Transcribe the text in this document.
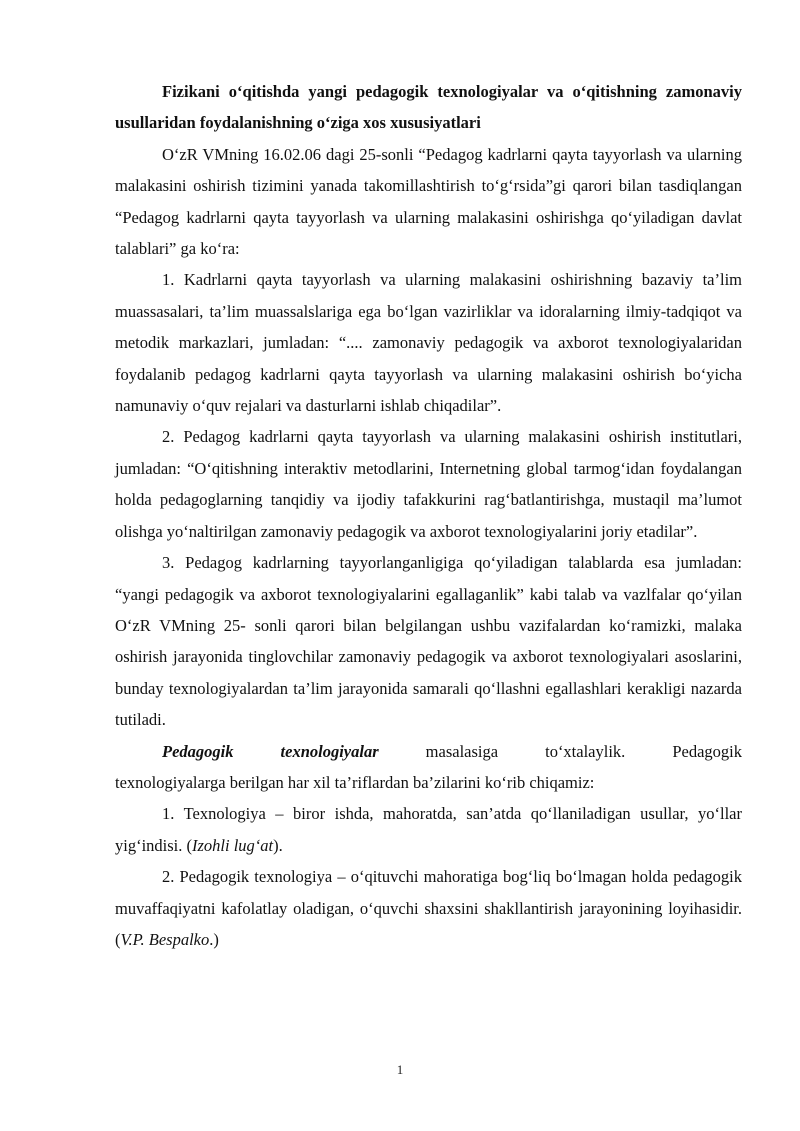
Fizikani o‘qitishda yangi pedagogik texnologiyalar va o‘qitishning zamonaviy usullaridan foydalanishning o‘ziga xos xususiyatlari

O‘zR VMning 16.02.06 dagi 25-sonli “Pedagog kadrlarni qayta tayyorlash va ularning malakasini oshirish tizimini yanada takomillashtirish to‘g‘rsida”gi qarori bilan tasdiqlangan “Pedagog kadrlarni qayta tayyorlash va ularning malakasini oshirishga qo‘yiladigan davlat talablari” ga ko‘ra:

1. Kadrlarni qayta tayyorlash va ularning malakasini oshirishning bazaviy ta’lim muassasalari, ta’lim muassalslariga ega bo‘lgan vazirliklar va idoralarning ilmiy-tadqiqot va metodik markazlari, jumladan: “.... zamonaviy pedagogik va axborot texnologiyalaridan foydalanib pedagog kadrlarni qayta tayyorlash va ularning malakasini oshirish bo‘yicha namunaviy o‘quv rejalari va dasturlarni ishlab chiqadilar”.

2. Pedagog kadrlarni qayta tayyorlash va ularning malakasini oshirish institutlari, jumladan: “O‘qitishning interaktiv metodlarini, Internetning global tarmog‘idan foydalangan holda pedagoglarning tanqidiy va ijodiy tafakkurini rag‘batlantirishga, mustaqil ma’lumot olishga yo‘naltirilgan zamonaviy pedagogik va axborot texnologiyalarini joriy etadilar”.

3. Pedagog kadrlarning tayyorlanganligiga qo‘yiladigan talablarda esa jumladan: “yangi pedagogik va axborot texnologiyalarini egallaganlik” kabi talab va vazlfalar qo‘yilan O‘zR VMning 25- sonli qarori bilan belgilangan ushbu vazifalardan ko‘ramizki, malaka oshirish jarayonida tinglovchilar zamonaviy pedagogik va axborot texnologiyalari asoslarini, bunday texnologiyalardan ta’lim jarayonida samarali qo‘llashni egallashlari kerakligi nazarda tutiladi.

Pedagogik texnologiyalar	masalasiga to‘xtalaylik. Pedagogik

texnologiyalarga berilgan har xil ta’riflardan ba’zilarini ko‘rib chiqamiz:

1. Texnologiya – biror ishda, mahoratda, san’atda qo‘llaniladigan usullar, yo‘llar yig‘indisi. (Izohli lug‘at).

2. Pedagogik texnologiya – o‘qituvchi mahoratiga bog‘liq bo‘lmagan holda pedagogik muvaffaqiyatni kafolatlay oladigan, o‘quvchi shaxsini shakllantirish jarayonining loyihasidir. (V.P. Bespalko.)

1
